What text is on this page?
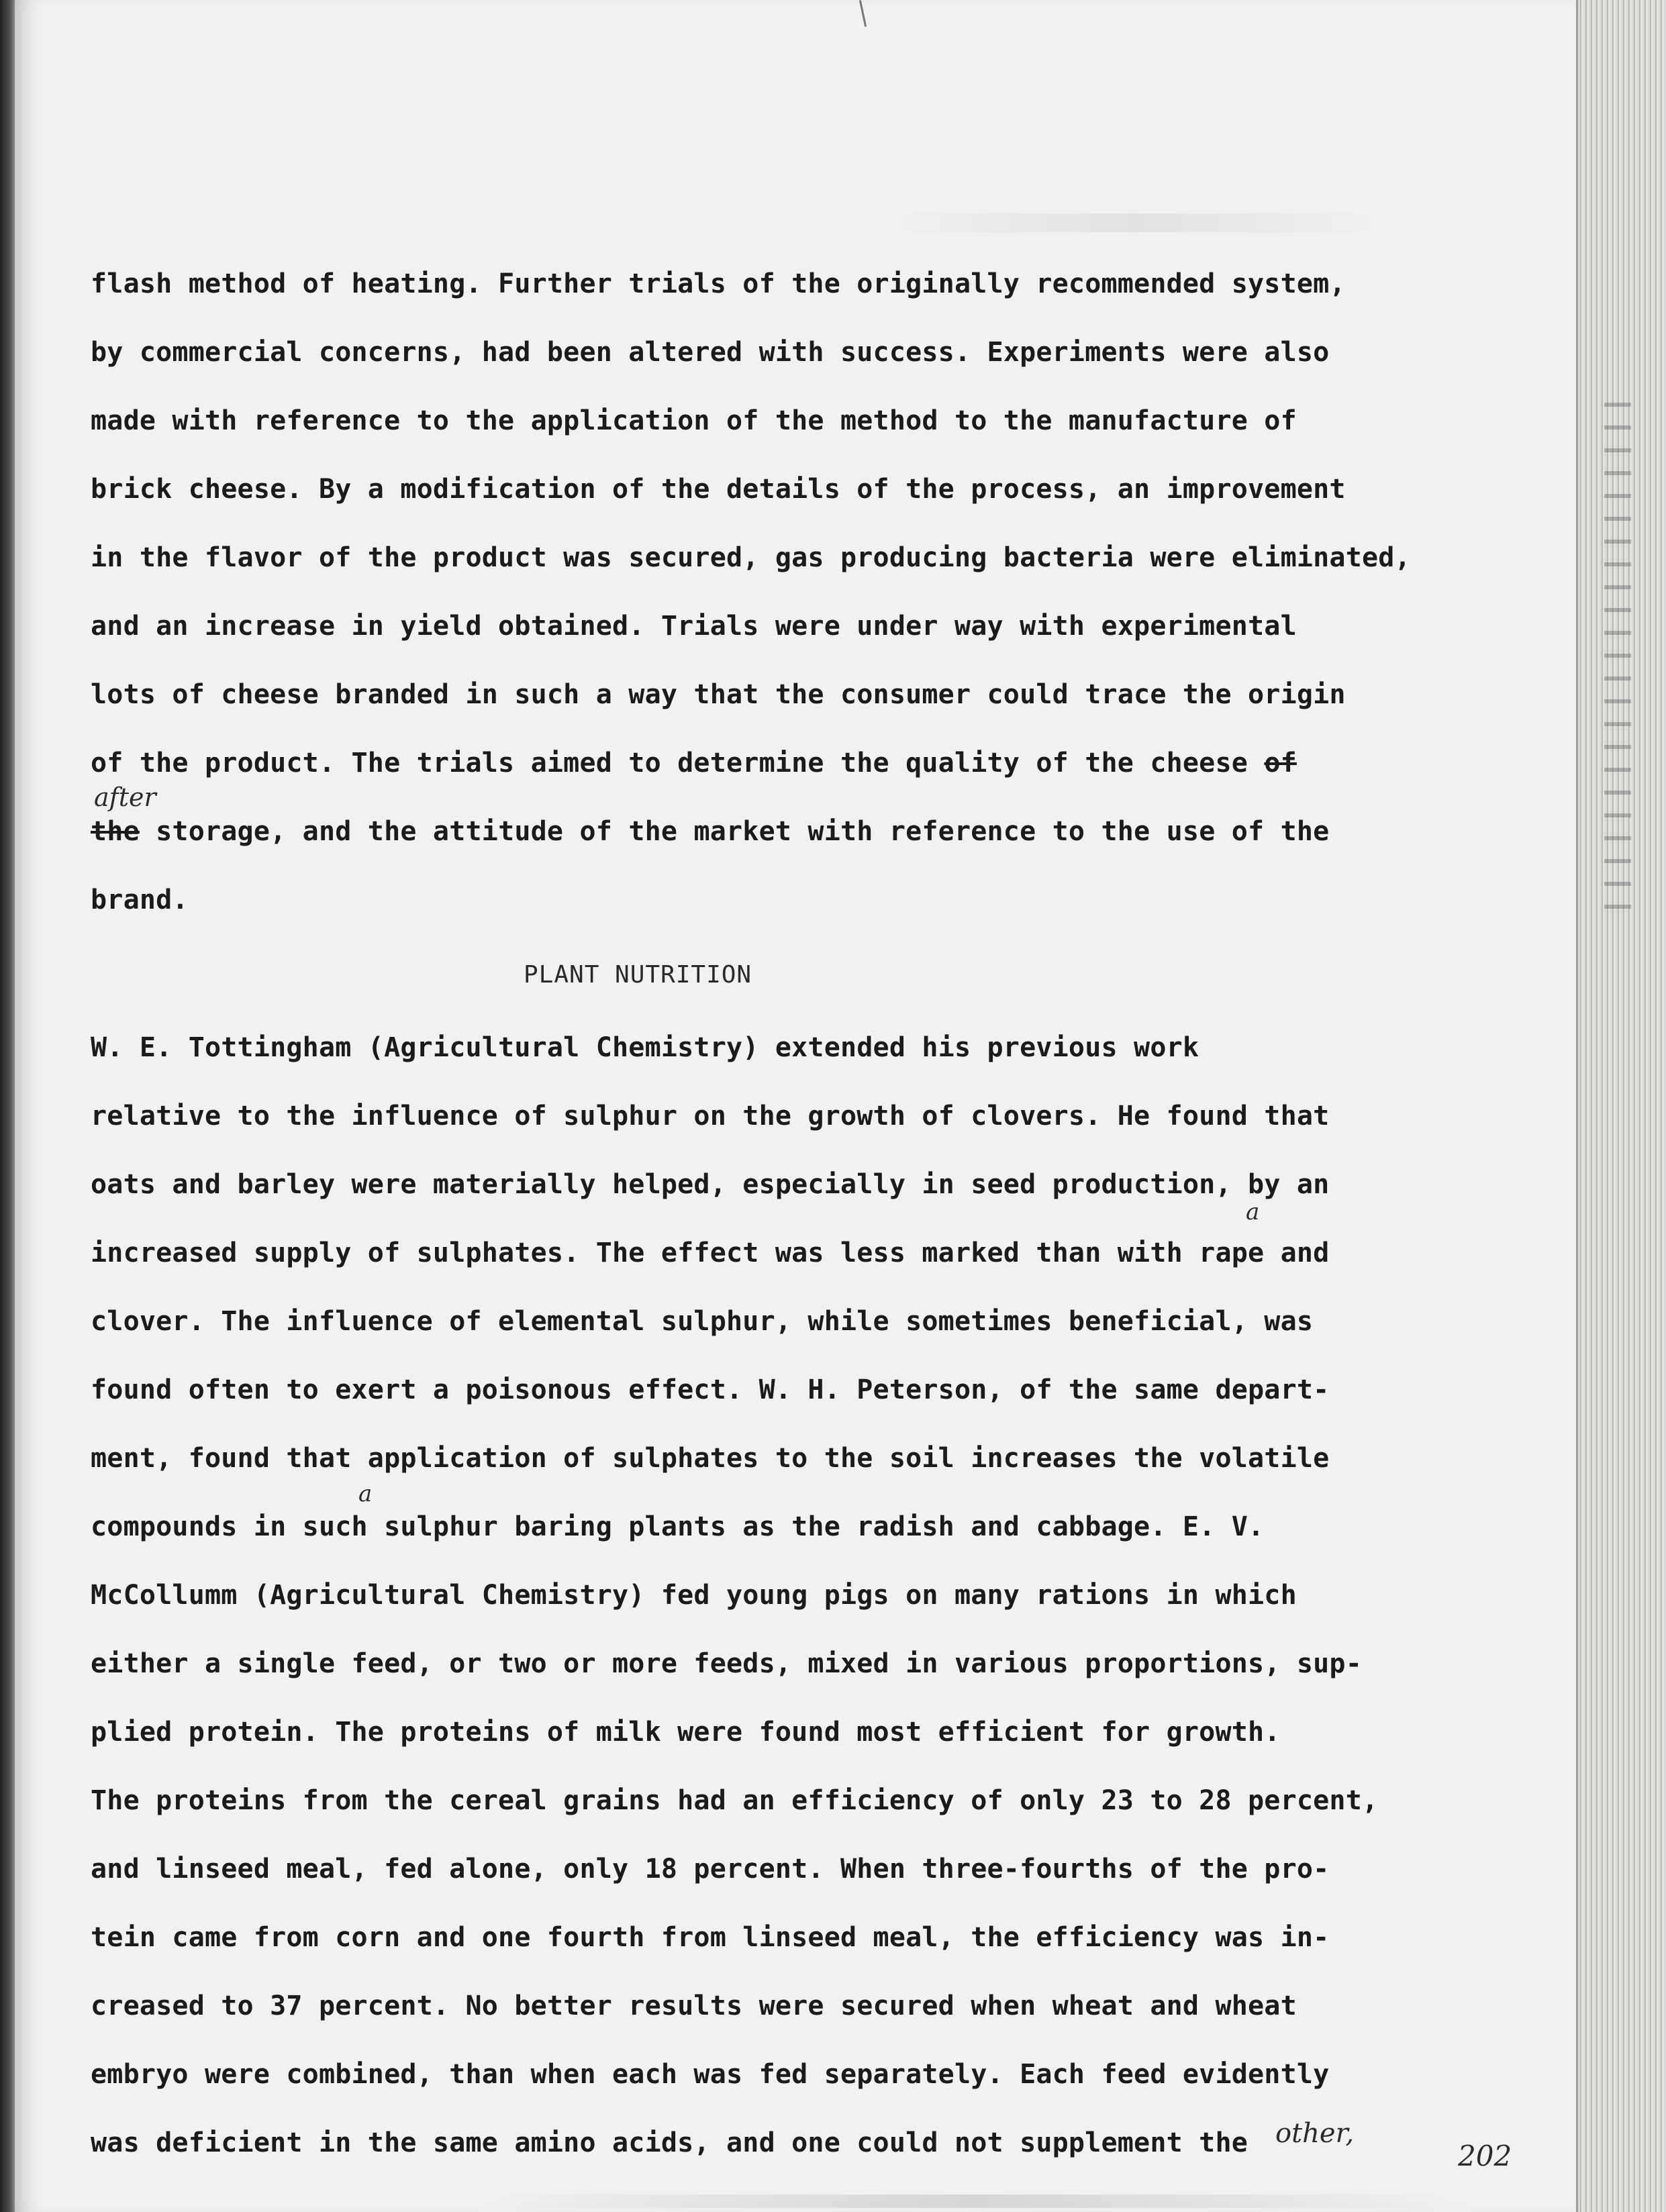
flash method of heating. Further trials of the originally recommended system,
by commercial concerns, had been altered with success. Experiments were also
made with reference to the application of the method to the manufacture of
brick cheese. By a modification of the details of the process, an improvement
in the flavor of the product was secured, gas producing bacteria were eliminated,
and an increase in yield obtained. Trials were under way with experimental
lots of cheese branded in such a way that the consumer could trace the origin
of the product. The trials aimed to determine the quality of the cheese of
after
the storage, and the attitude of the market with reference to the use of the
brand.
PLANT NUTRITION
W. E. Tottingham (Agricultural Chemistry) extended his previous work
relative to the influence of sulphur on the growth of clovers. He found that
oats and barley were materially helped, especially in seed production, by an
a
increased supply of sulphates. The effect was less marked than with rape and
clover. The influence of elemental sulphur, while sometimes beneficial, was
found often to exert a poisonous effect. W. H. Peterson, of the same depart-
ment, found that application of sulphates to the soil increases the volatile
a
compounds in such sulphur baring plants as the radish and cabbage. E. V.
McCollumm (Agricultural Chemistry) fed young pigs on many rations in which
either a single feed, or two or more feeds, mixed in various proportions, sup-
plied protein. The proteins of milk were found most efficient for growth.
The proteins from the cereal grains had an efficiency of only 23 to 28 percent,
and linseed meal, fed alone, only 18 percent. When three-fourths of the pro-
tein came from corn and one fourth from linseed meal, the efficiency was in-
creased to 37 percent. No better results were secured when wheat and wheat
embryo were combined, than when each was fed separately. Each feed evidently
was deficient in the same amino acids, and one could not supplement the other,
202
